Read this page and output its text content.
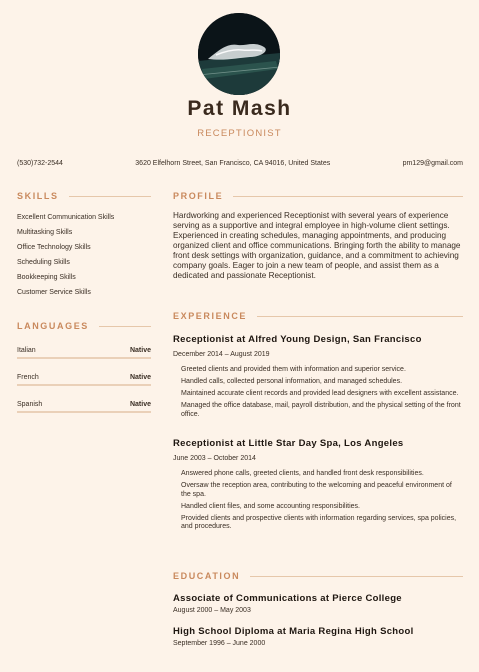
Pat Mash
RECEPTIONIST
(530)732-2544	3620 Elfelhorn Street, San Francisco, CA 94016, United States	pm129@gmail.com
SKILLS
Excellent Communication Skills
Multitasking Skills
Office Technology Skills
Scheduling Skills
Bookkeeping Skills
Customer Service Skills
LANGUAGES
Italian	Native
French	Native
Spanish	Native
PROFILE
Hardworking and experienced Receptionist with several years of experience serving as a supportive and integral employee in high-volume client settings. Experienced in creating schedules, managing appointments, and producing organized client and office communications. Bringing forth the ability to manage front desk settings with organization, guidance, and a commitment to achieving company goals. Eager to join a new team of people, and assist them as a dedicated and passionate Receptionist.
EXPERIENCE
Receptionist at Alfred Young Design, San Francisco
December 2014 – August 2019
Greeted clients and provided them with information and superior service.
Handled calls, collected personal information, and managed schedules.
Maintained accurate client records and provided lead designers with excellent assistance.
Managed the office database, mail, payroll distribution, and the physical setting of the front office.
Receptionist at Little Star Day Spa, Los Angeles
June 2003 – October 2014
Answered phone calls, greeted clients, and handled front desk responsibilities.
Oversaw the reception area, contributing to the welcoming and peaceful environment of the spa.
Handled client files, and some accounting responsibilities.
Provided clients and prospective clients with information regarding services, spa policies, and procedures.
EDUCATION
Associate of Communications at Pierce College
August 2000 – May 2003
High School Diploma at Maria Regina High School
September 1996 – June 2000
